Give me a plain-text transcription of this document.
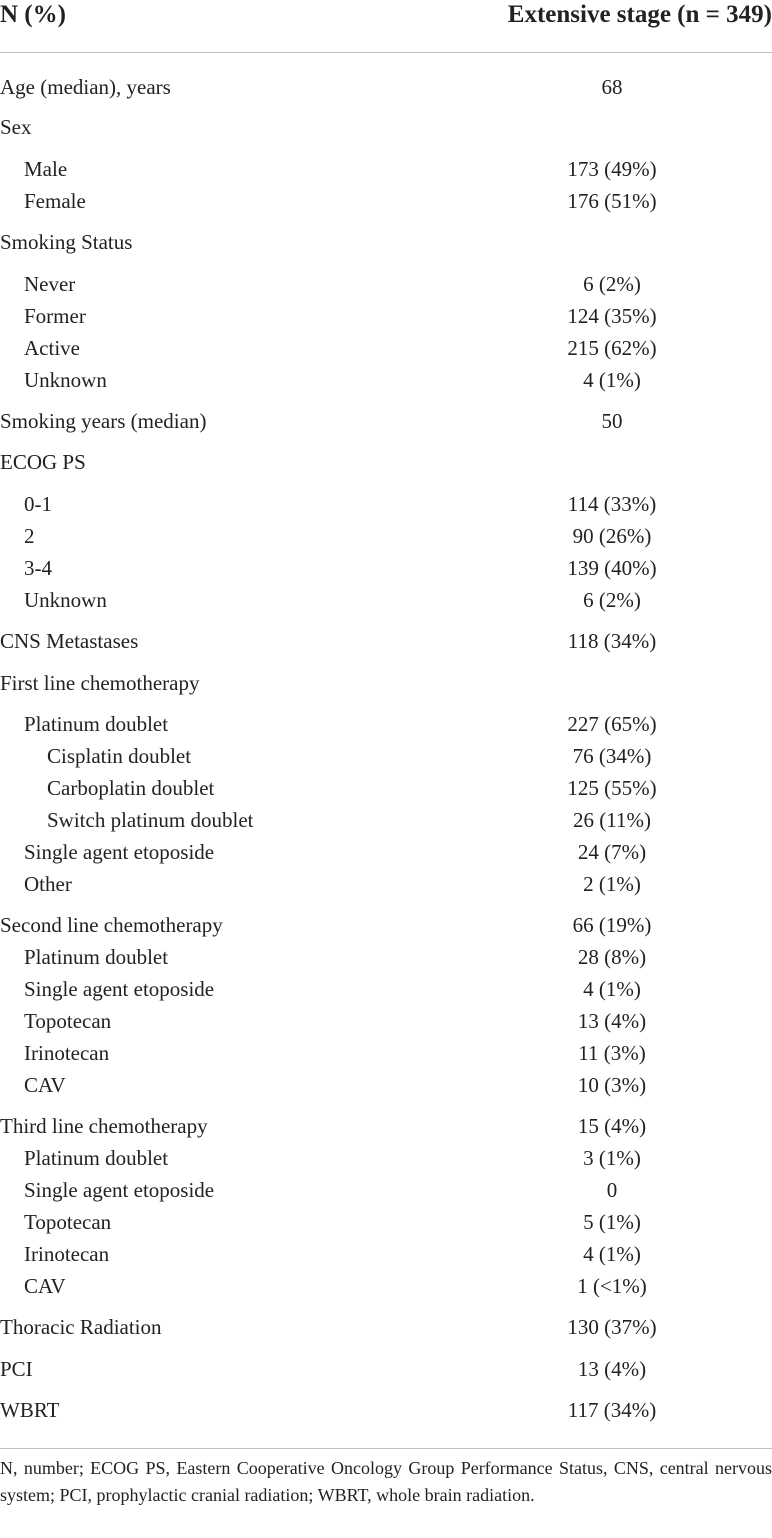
N (%)	Extensive stage (n = 349)
Age (median), years	68
Sex
Male	173 (49%)
Female	176 (51%)
Smoking Status
Never	6 (2%)
Former	124 (35%)
Active	215 (62%)
Unknown	4 (1%)
Smoking years (median)	50
ECOG PS
0-1	114 (33%)
2	90 (26%)
3-4	139 (40%)
Unknown	6 (2%)
CNS Metastases	118 (34%)
First line chemotherapy
Platinum doublet	227 (65%)
Cisplatin doublet	76 (34%)
Carboplatin doublet	125 (55%)
Switch platinum doublet	26 (11%)
Single agent etoposide	24 (7%)
Other	2 (1%)
Second line chemotherapy	66 (19%)
Platinum doublet	28 (8%)
Single agent etoposide	4 (1%)
Topotecan	13 (4%)
Irinotecan	11 (3%)
CAV	10 (3%)
Third line chemotherapy	15 (4%)
Platinum doublet	3 (1%)
Single agent etoposide	0
Topotecan	5 (1%)
Irinotecan	4 (1%)
CAV	1 (<1%)
Thoracic Radiation	130 (37%)
PCI	13 (4%)
WBRT	117 (34%)
N, number; ECOG PS, Eastern Cooperative Oncology Group Performance Status, CNS, central nervous system; PCI, prophylactic cranial radiation; WBRT, whole brain radiation.
